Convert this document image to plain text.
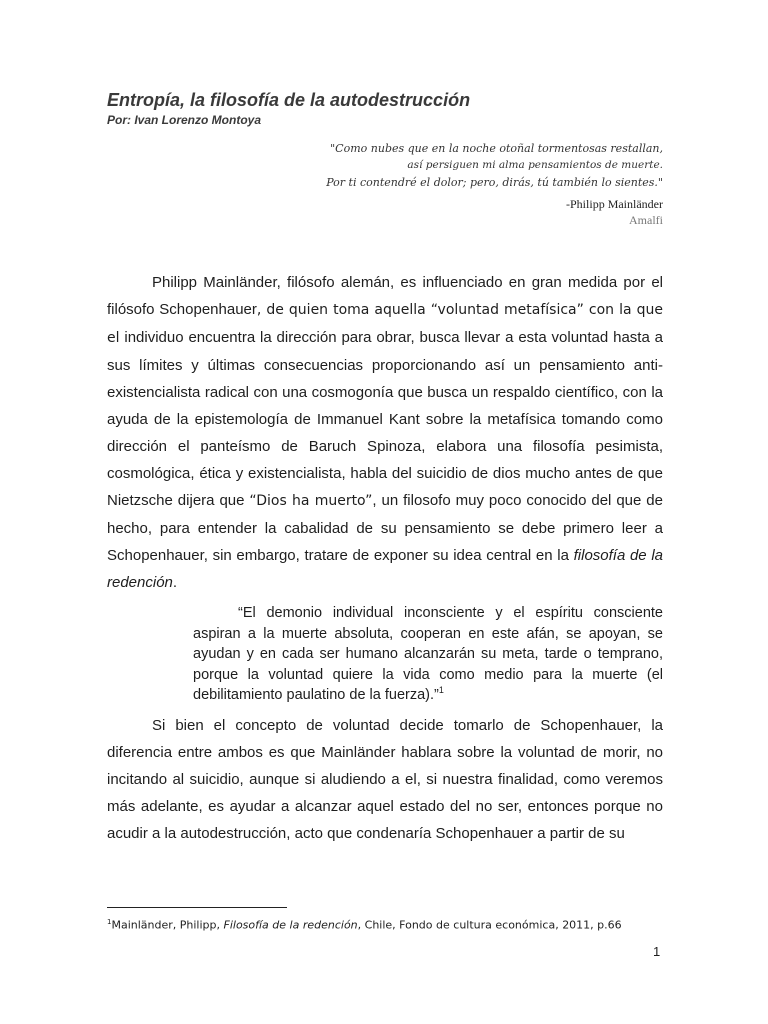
Entropía, la filosofía de la autodestrucción
Por: Ivan Lorenzo Montoya
"Como nubes que en la noche otoñal tormentosas restallan,
así persiguen mi alma pensamientos de muerte.
Por ti contendré el dolor; pero, dirás, tú también lo sientes."
-Philipp Mainländer
Amalfi

Philipp Mainländer, filósofo alemán, es influenciado en gran medida por el filósofo Schopenhauer, de quien toma aquella “voluntad metafísica” con la que el individuo encuentra la dirección para obrar, busca llevar a esta voluntad hasta a sus límites y últimas consecuencias proporcionando así un pensamiento anti-existencialista radical con una cosmogonía que busca un respaldo científico, con la ayuda de la epistemología de Immanuel Kant sobre la metafísica tomando como dirección el panteísmo de Baruch Spinoza, elabora una filosofía pesimista, cosmológica, ética y existencialista, habla del suicidio de dios mucho antes de que Nietzsche dijera que “Dios ha muerto”, un filosofo muy poco conocido del que de hecho, para entender la cabalidad de su pensamiento se debe primero leer a Schopenhauer, sin embargo, tratare de exponer su idea central en la filosofía de la redención.

“El demonio individual inconsciente y el espíritu consciente aspiran a la muerte absoluta, cooperan en este afán, se apoyan, se ayudan y en cada ser humano alcanzarán su meta, tarde o temprano, porque la voluntad quiere la vida como medio para la muerte (el debilitamiento paulatino de la fuerza).”$^1$

Si bien el concepto de voluntad decide tomarlo de Schopenhauer, la diferencia entre ambos es que Mainländer hablara sobre la voluntad de morir, no incitando al suicidio, aunque si aludiendo a el, si nuestra finalidad, como veremos más adelante, es ayudar a alcanzar aquel estado del no ser, entonces porque no acudir a la autodestrucción, acto que condenaría Schopenhauer a partir de su

$^1$Mainländer, Philipp, Filosofía de la redención, Chile, Fondo de cultura económica, 2011, p.66
1
